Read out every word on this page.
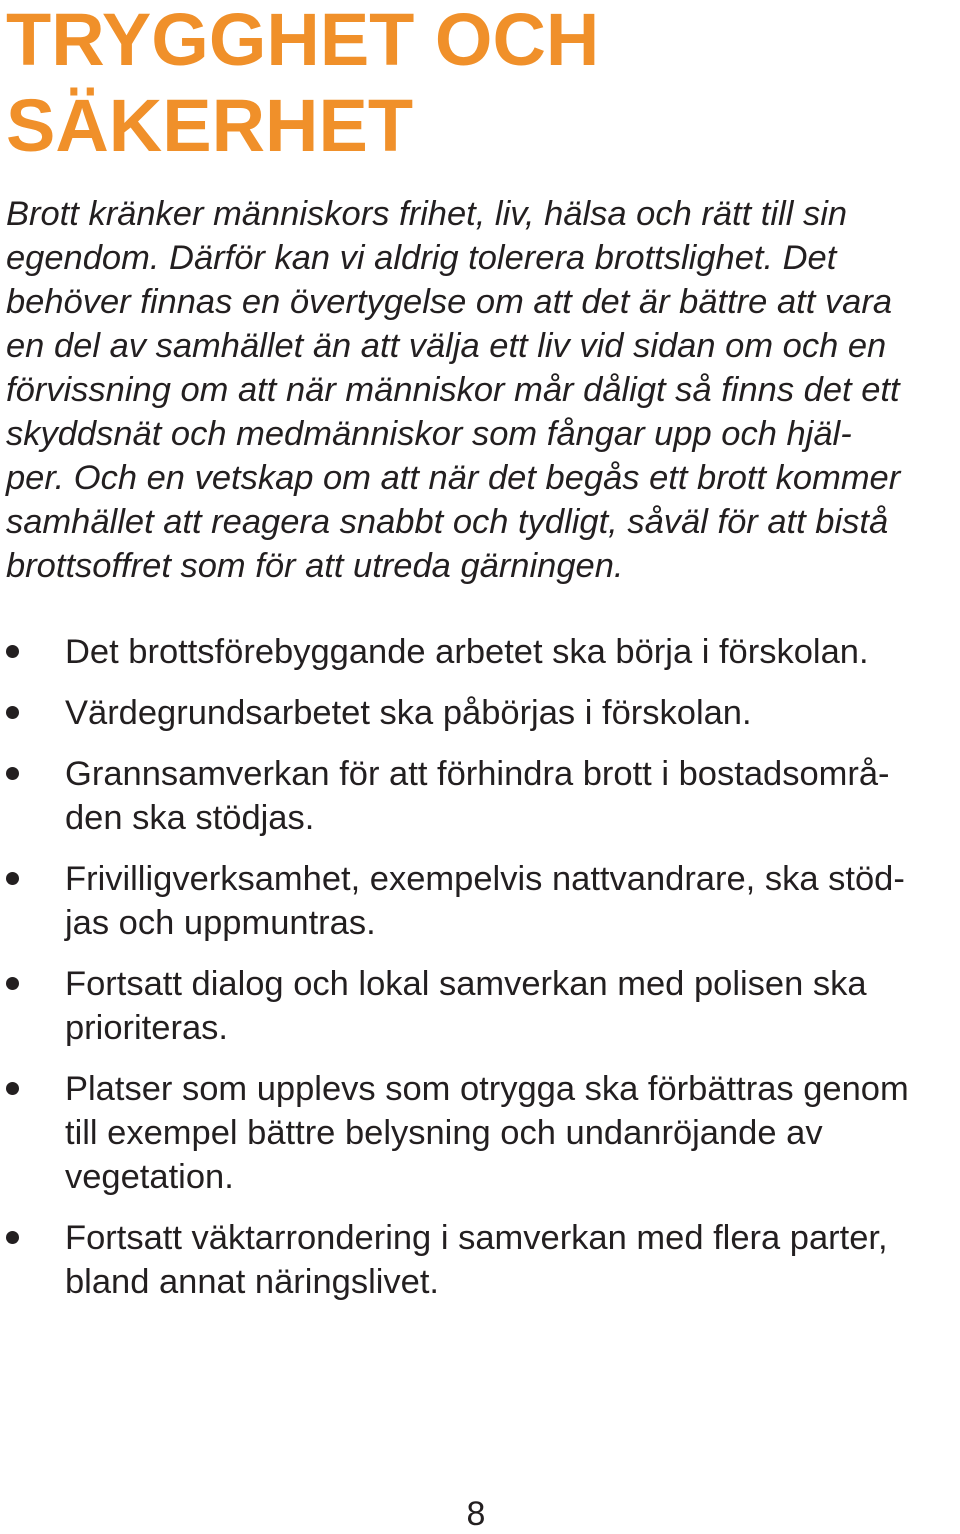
TRYGGHET OCH
SÄKERHET

Brott kränker människors frihet, liv, hälsa och rätt till sin
egendom. Därför kan vi aldrig tolerera brottslighet. Det
behöver finnas en övertygelse om att det är bättre att vara
en del av samhället än att välja ett liv vid sidan om och en
förvissning om att när människor mår dåligt så finns det ett
skyddsnät och medmänniskor som fångar upp och hjäl-
per. Och en vetskap om att när det begås ett brott kommer
samhället att reagera snabbt och tydligt, såväl för att bistå
brottsoffret som för att utreda gärningen.

Det brottsförebyggande arbetet ska börja i förskolan.
Värdegrundsarbetet ska påbörjas i förskolan.
Grannsamverkan för att förhindra brott i bostadsområ-
den ska stödjas.
Frivilligverksamhet, exempelvis nattvandrare, ska stöd-
jas och uppmuntras.
Fortsatt dialog och lokal samverkan med polisen ska
prioriteras.
Platser som upplevs som otrygga ska förbättras genom
till exempel bättre belysning och undanröjande av
vegetation.
Fortsatt väktarrondering i samverkan med flera parter,
bland annat näringslivet.
8
